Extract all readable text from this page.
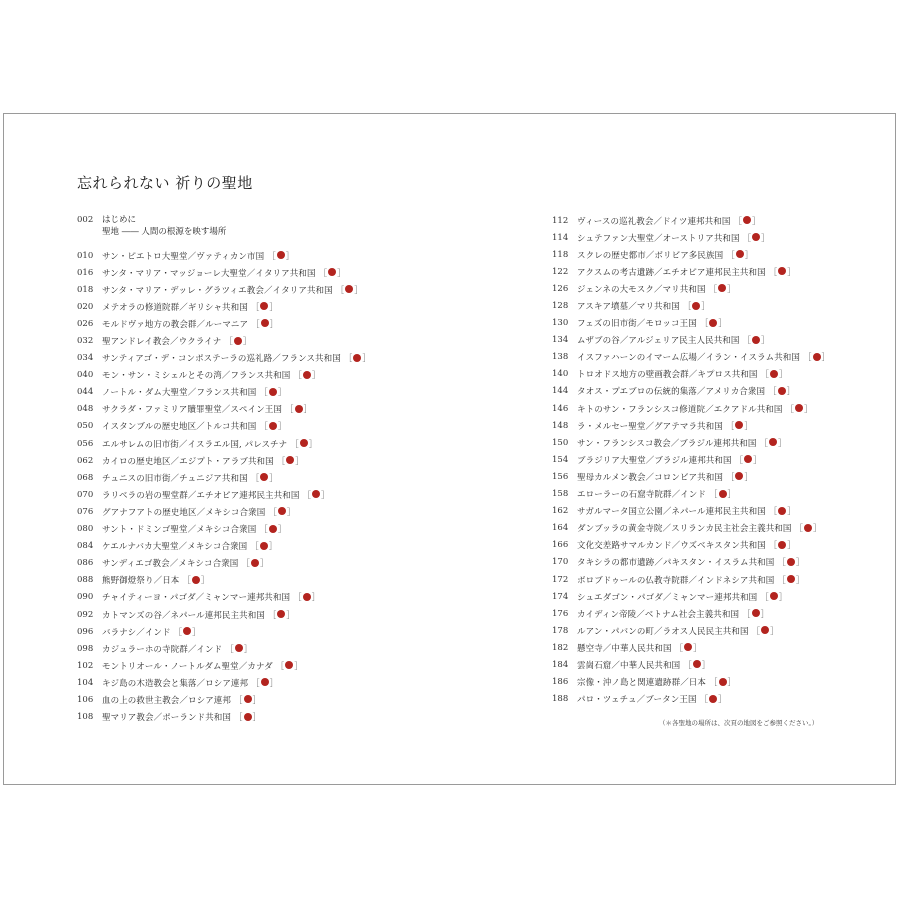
忘れられない 祈りの聖地
002	はじめに
聖地 ―― 人間の根源を映す場所
010	サン・ピエトロ大聖堂／ヴァティカン市国 ［ ］
016	サンタ・マリア・マッジョーレ大聖堂／イタリア共和国 ［ ］
018	サンタ・マリア・デッレ・グラツィエ教会／イタリア共和国 ［ ］
020	メテオラの修道院群／ギリシャ共和国 ［ ］
026	モルドヴァ地方の教会群／ルーマニア ［ ］
032	聖アンドレイ教会／ウクライナ ［ ］
034	サンティアゴ・デ・コンポステーラの巡礼路／フランス共和国 ［ ］
040	モン・サン・ミシェルとその湾／フランス共和国 ［ ］
044	ノートル・ダム大聖堂／フランス共和国 ［ ］
048	サクラダ・ファミリア贖罪聖堂／スペイン王国 ［ ］
050	イスタンブルの歴史地区／トルコ共和国 ［ ］
056	エルサレムの旧市街／イスラエル国, パレスチナ ［ ］
062	カイロの歴史地区／エジプト・アラブ共和国 ［ ］
068	チュニスの旧市街／チュニジア共和国 ［ ］
070	ラリベラの岩の聖堂群／エチオピア連邦民主共和国 ［ ］
076	グアナフアトの歴史地区／メキシコ合衆国 ［ ］
080	サント・ドミンゴ聖堂／メキシコ合衆国 ［ ］
084	ケエルナバカ大聖堂／メキシコ合衆国 ［ ］
086	サンディエゴ教会／メキシコ合衆国 ［ ］
088	熊野御燈祭り／日本 ［ ］
090	チャイティーヨ・パゴダ／ミャンマー連邦共和国 ［ ］
092	カトマンズの谷／ネパール連邦民主共和国 ［ ］
096	バラナシ／インド ［ ］
098	カジュラーホの寺院群／インド ［ ］
102	モントリオール・ノートルダム聖堂／カナダ ［ ］
104	キジ島の木造教会と集落／ロシア連邦 ［ ］
106	血の上の救世主教会／ロシア連邦 ［ ］
108	聖マリア教会／ポーランド共和国 ［ ］
112	ヴィースの巡礼教会／ドイツ連邦共和国 ［ ］
114	シュテファン大聖堂／オーストリア共和国 ［ ］
118	スクレの歴史都市／ボリビア多民族国 ［ ］
122	アクスムの考古遺跡／エチオピア連邦民主共和国 ［ ］
126	ジェンネの大モスク／マリ共和国 ［ ］
128	アスキア墳墓／マリ共和国 ［ ］
130	フェズの旧市街／モロッコ王国 ［ ］
134	ムザブの谷／アルジェリア民主人民共和国 ［ ］
138	イスファハーンのイマーム広場／イラン・イスラム共和国 ［ ］
140	トロオドス地方の壁画教会群／キプロス共和国 ［ ］
144	タオス・プエブロの伝統的集落／アメリカ合衆国 ［ ］
146	キトのサン・フランシスコ修道院／エクアドル共和国 ［ ］
148	ラ・メルセー聖堂／グアテマラ共和国 ［ ］
150	サン・フランシスコ教会／ブラジル連邦共和国 ［ ］
154	ブラジリア大聖堂／ブラジル連邦共和国 ［ ］
156	聖母カルメン教会／コロンビア共和国 ［ ］
158	エローラーの石窟寺院群／インド ［ ］
162	サガルマータ国立公園／ネパール連邦民主共和国 ［ ］
164	ダンブッラの黄金寺院／スリランカ民主社会主義共和国 ［ ］
166	文化交差路サマルカンド／ウズベキスタン共和国 ［ ］
170	タキシラの都市遺跡／パキスタン・イスラム共和国 ［ ］
172	ボロブドゥールの仏教寺院群／インドネシア共和国 ［ ］
174	シュエダゴン・パゴダ／ミャンマー連邦共和国 ［ ］
176	カイディン帝陵／ベトナム社会主義共和国 ［ ］
178	ルアン・パバンの町／ラオス人民民主共和国 ［ ］
182	懸空寺／中華人民共和国 ［ ］
184	雲崗石窟／中華人民共和国 ［ ］
186	宗像・沖ノ島と関連遺跡群／日本 ［ ］
188	パロ・ツェチュ／ブータン王国 ［ ］
（＊各聖地の場所は、次頁の地図をご参照ください。）
